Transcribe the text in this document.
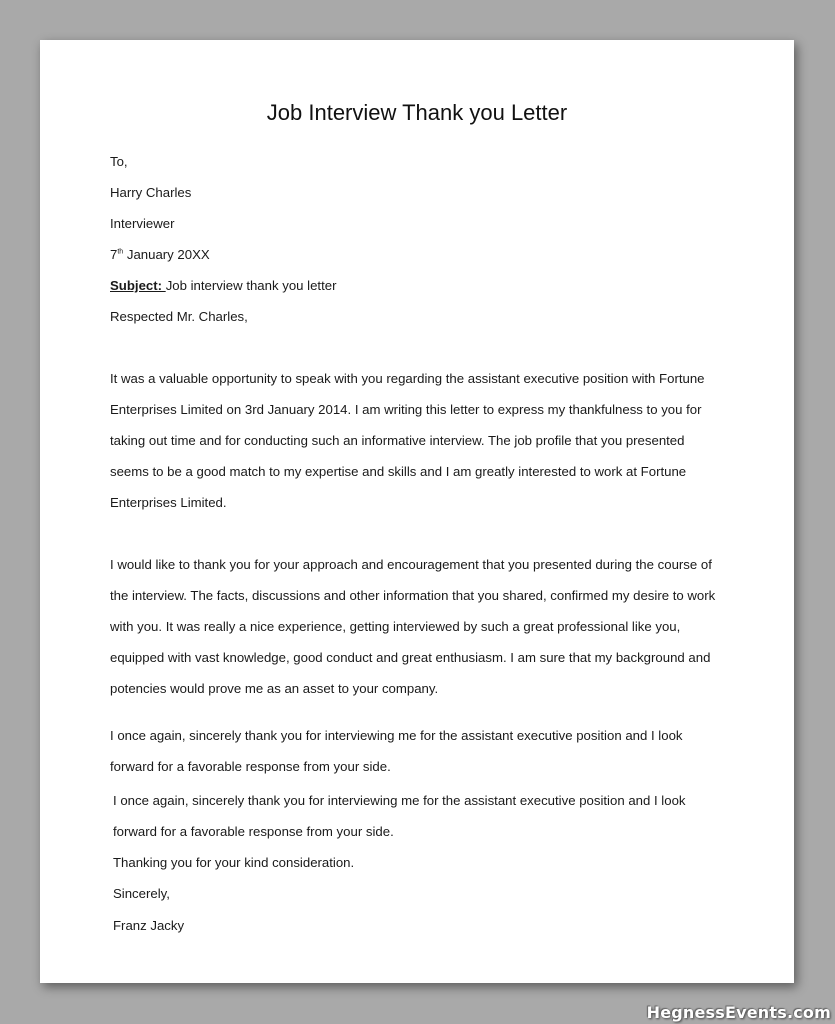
Job Interview Thank you Letter
To,
Harry Charles
Interviewer
7th January 20XX
Subject: Job interview thank you letter
Respected Mr. Charles,
It was a valuable opportunity to speak with you regarding the assistant executive position with Fortune
Enterprises Limited on 3rd January 2014. I am writing this letter to express my thankfulness to you for
taking out time and for conducting such an informative interview. The job profile that you presented
seems to be a good match to my expertise and skills and I am greatly interested to work at Fortune
Enterprises Limited.
I would like to thank you for your approach and encouragement that you presented during the course of
the interview. The facts, discussions and other information that you shared, confirmed my desire to work
with you. It was really a nice experience, getting interviewed by such a great professional like you,
equipped with vast knowledge, good conduct and great enthusiasm. I am sure that my background and
potencies would prove me as an asset to your company.
I once again, sincerely thank you for interviewing me for the assistant executive position and I look
forward for a favorable response from your side.
I once again, sincerely thank you for interviewing me for the assistant executive position and I look
forward for a favorable response from your side.
Thanking you for your kind consideration.
Sincerely,
Franz Jacky
HegnessEvents.com
